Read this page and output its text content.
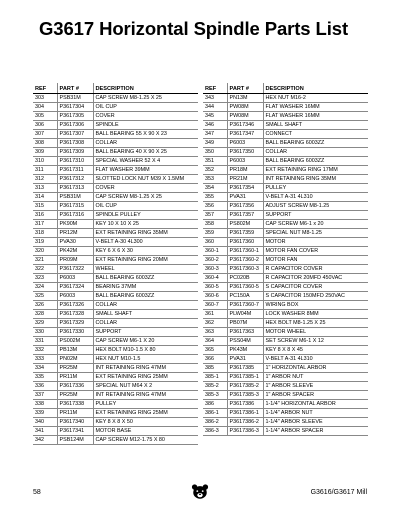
G3617 Horizontal Spindle Parts List
REF	PART #	DESCRIPTION
303	PSB31M	CAP SCREW M8-1.25 X 25
304	P3617304	OIL CUP
305	P3617305	COVER
306	P3617306	SPINDLE
307	P3617307	BALL BEARING 55 X 90 X 23
308	P3617308	COLLAR
309	P3617309	BALL BEARING 40 X 90 X 25
310	P3617310	SPECIAL WASHER 52 X 4
311	P3617311	FLAT WASHER 39MM
312	P3617312	SLOTTED LOCK NUT M39 X 1.5MM
313	P3617313	COVER
314	PSB31M	CAP SCREW M8-1.25 X 25
315	P3617315	OIL CUP
316	P3617316	SPINDLE PULLEY
317	PK90M	KEY 10 X 10 X 25
318	PR12M	EXT RETAINING RING 35MM
319	PVA30	V-BELT A-30 4L300
320	PK42M	KEY 6 X 6 X 30
321	PR09M	EXT RETAINING RING 20MM
322	P3617322	WHEEL
323	P6003	BALL BEARING 6003ZZ
324	P3617324	BEARING 37MM
325	P6003	BALL BEARING 6003ZZ
326	P3617326	COLLAR
328	P3617328	SMALL SHAFT
329	P3617329	COLLAR
330	P3617330	SUPPORT
331	PS002M	CAP SCREW M6-1 X 20
332	PB13M	HEX BOLT M10-1.5 X 80
333	PN02M	HEX NUT M10-1.5
334	PR25M	INT RETAINING RING 47MM
335	PR11M	EXT RETAINING RING 25MM
336	P3617336	SPECIAL NUT M64 X 2
337	PR25M	INT RETAINING RING 47MM
338	P3617338	PULLEY
339	PR11M	EXT RETAINING RING 25MM
340	P3617340	KEY 8 X 8 X 50
341	P3617341	MOTOR BASE
342	PSB124M	CAP SCREW M12-1.75 X 80
REF	PART #	DESCRIPTION
343	PN13M	HEX NUT M16-2
344	PW08M	FLAT WASHER 16MM
345	PW08M	FLAT WASHER 16MM
346	P3617346	SMALL SHAFT
347	P3617347	CONNECT
349	P6003	BALL BEARING 6003ZZ
350	P3617350	COLLAR
351	P6003	BALL BEARING 6003ZZ
352	PR18M	EXT RETAINING RING 17MM
353	PR21M	INT RETAINING RING 35MM
354	P3617354	PULLEY
355	PVA31	V-BELT A-31 4L310
356	P3617356	ADJUST SCREW M8-1.25
357	P3617357	SUPPORT
358	PS802M	CAP SCREW M6-1 x 20
359	P3617359	SPECIAL NUT M8-1.25
360	P3617360	MOTOR
360-1	P3617360-1	MOTOR FAN COVER
360-2	P3617360-2	MOTOR FAN
360-3	P3617360-3	R CAPACITOR COVER
360-4	PC020B	R CAPACITOR 20MFD 450VAC
360-5	P3617360-5	S CAPACITOR COVER
360-6	PC150A	S CAPACITOR 150MFD 250VAC
360-7	P3617360-7	WIRING BOX
361	PLW04M	LOCK WASHER 8MM
362	PB07M	HEX BOLT M8-1.25 X 25
363	P3617363	MOTOR WHEEL
364	PSS04M	SET SCREW M6-1 X 12
365	PK43M	KEY 8 X 8 X 45
366	PVA31	V-BELT A-31 4L310
385	P3617385	1" HORIZONTAL ARBOR
385-1	P3617385-1	1" ARBOR NUT
385-2	P3617385-2	1" ARBOR SLEEVE
385-3	P3617385-3	1" ARBOR SPACER
386	P3617386	1-1/4" HORIZONTAL ARBOR
386-1	P3617386-1	1-1/4" ARBOR NUT
386-2	P3617386-2	1-1/4" ARBOR SLEEVE
386-3	P3617386-3	1-1/4" ARBOR SPACER
58	G3616/G3617 Mill
